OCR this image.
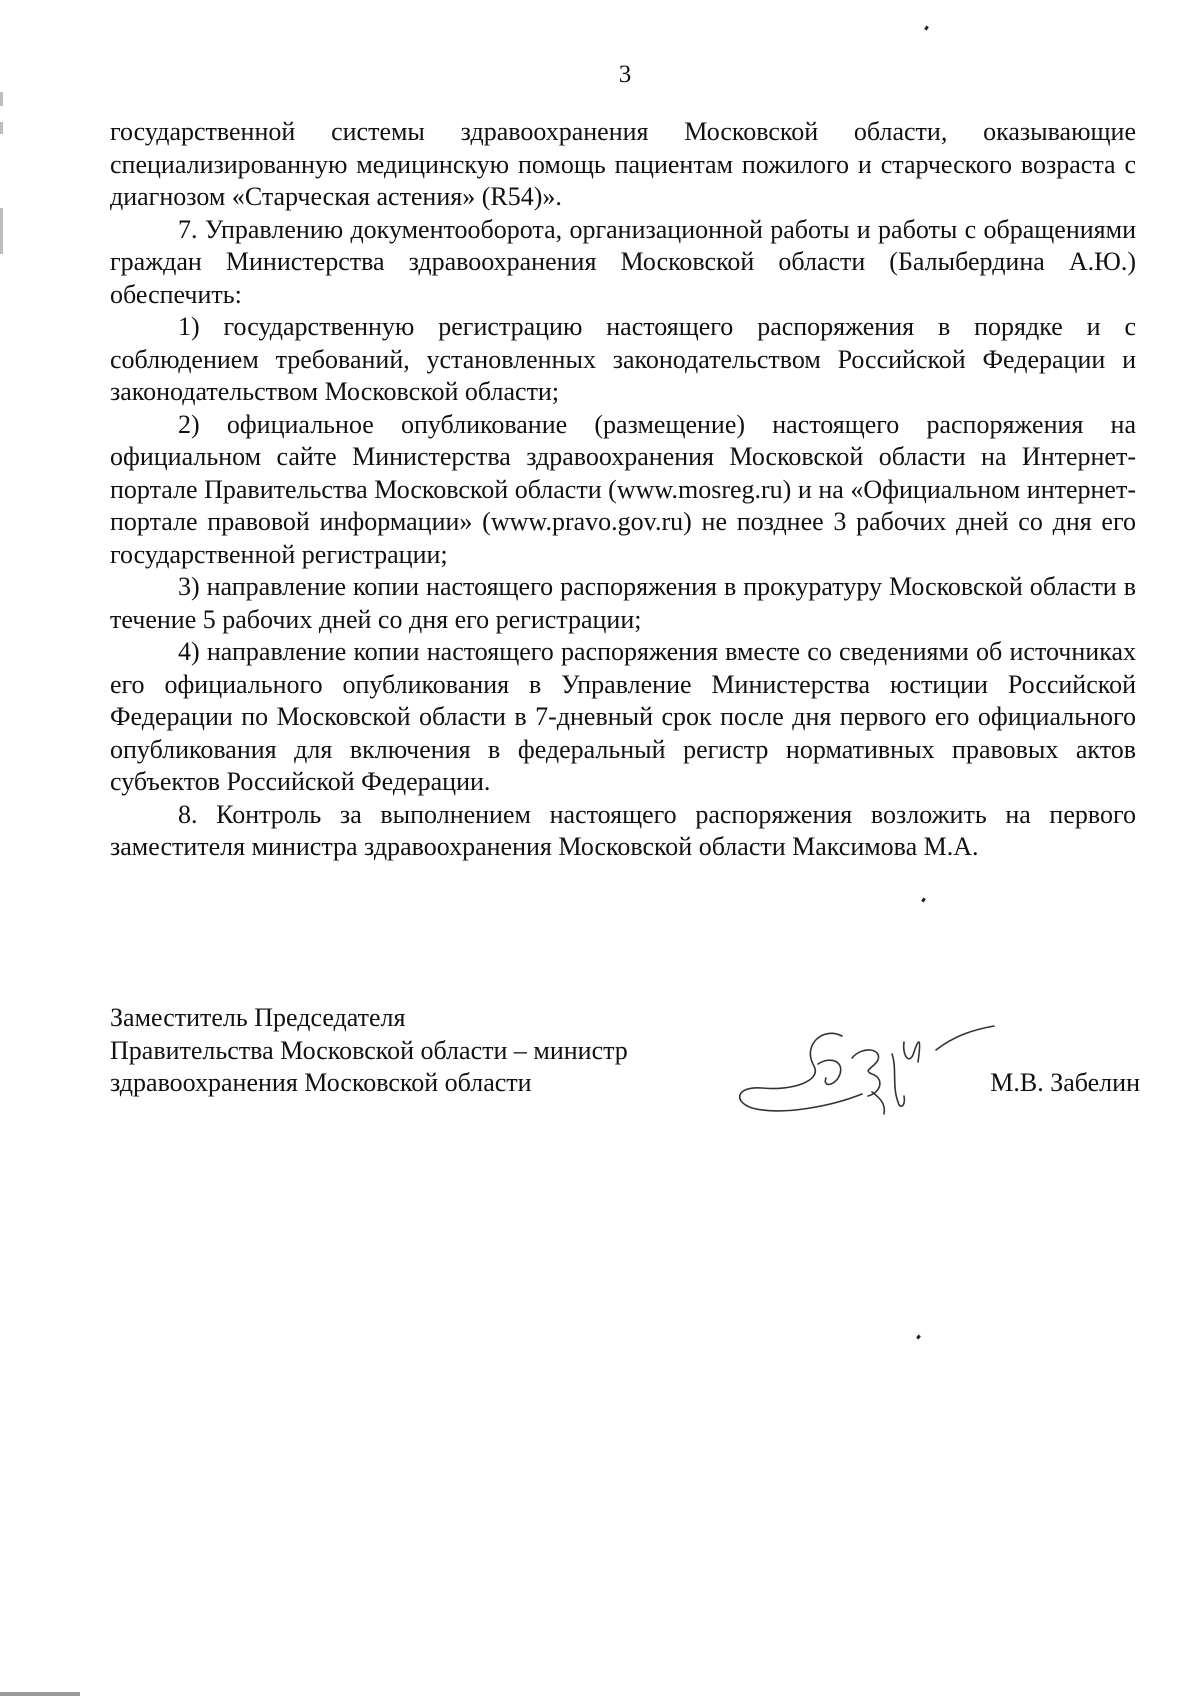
3

государственной системы здравоохранения Московской области, оказывающие специализированную медицинскую помощь пациентам пожилого и старческого возраста с диагнозом «Старческая астения» (R54)».

7. Управлению документооборота, организационной работы и работы с обращениями граждан Министерства здравоохранения Московской области (Балыбердина А.Ю.) обеспечить:

1) государственную регистрацию настоящего распоряжения в порядке и с соблюдением требований, установленных законодательством Российской Федерации и законодательством Московской области;

2) официальное опубликование (размещение) настоящего распоряжения на официальном сайте Министерства здравоохранения Московской области на Интернет-портале Правительства Московской области (www.mosreg.ru) и на «Официальном интернет-портале правовой информации» (www.pravo.gov.ru) не позднее 3 рабочих дней со дня его государственной регистрации;

3) направление копии настоящего распоряжения в прокуратуру Московской области в течение 5 рабочих дней со дня его регистрации;

4) направление копии настоящего распоряжения вместе со сведениями об источниках его официального опубликования в Управление Министерства юстиции Российской Федерации по Московской области в 7-дневный срок после дня первого его официального опубликования для включения в федеральный регистр нормативных правовых актов субъектов Российской Федерации.

8. Контроль за выполнением настоящего распоряжения возложить на первого заместителя министра здравоохранения Московской области Максимова М.А.

Заместитель Председателя
Правительства Московской области – министр
здравоохранения Московской области	М.В. Забелин
